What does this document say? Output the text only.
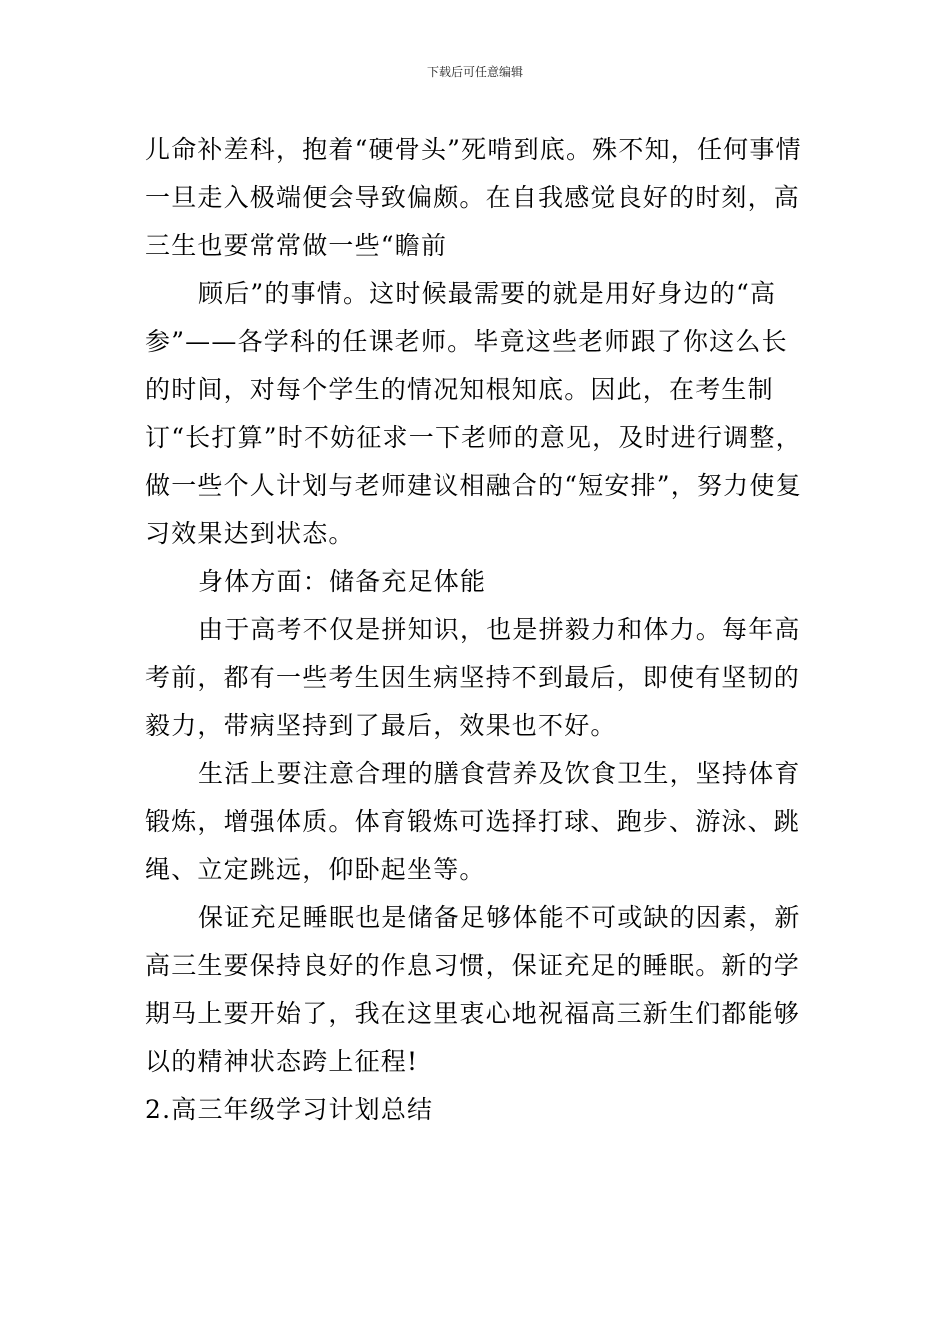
下载后可任意编辑

儿命补差科，抱着“硬骨头”死啃到底。殊不知，任何事情一旦走入极端便会导致偏颇。在自我感觉良好的时刻，高三生也要常常做一些“瞻前

顾后”的事情。这时候最需要的就是用好身边的“高参”——各学科的任课老师。毕竟这些老师跟了你这么长的时间，对每个学生的情况知根知底。因此，在考生制订“长打算”时不妨征求一下老师的意见，及时进行调整，做一些个人计划与老师建议相融合的“短安排”，努力使复习效果达到状态。

身体方面：储备充足体能

由于高考不仅是拼知识，也是拼毅力和体力。每年高考前，都有一些考生因生病坚持不到最后，即使有坚韧的毅力，带病坚持到了最后，效果也不好。

生活上要注意合理的膳食营养及饮食卫生，坚持体育锻炼，增强体质。体育锻炼可选择打球、跑步、游泳、跳绳、立定跳远，仰卧起坐等。

保证充足睡眠也是储备足够体能不可或缺的因素，新高三生要保持良好的作息习惯，保证充足的睡眠。新的学期马上要开始了，我在这里衷心地祝福高三新生们都能够以的精神状态跨上征程!

2.高三年级学习计划总结
